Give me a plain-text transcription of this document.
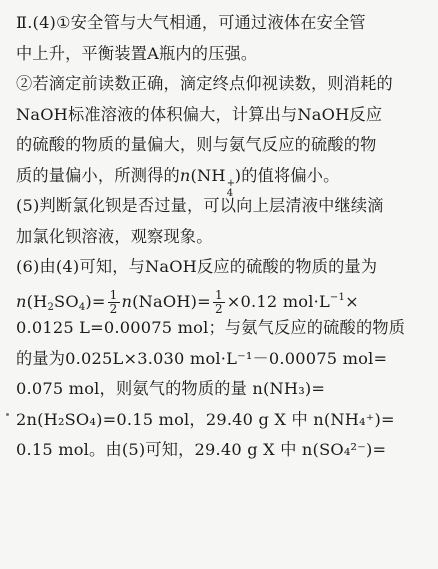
Ⅱ.(4)①安全管与大气相通，可通过液体在安全管
中上升，平衡装置A瓶内的压强。
②若滴定前读数正确，滴定终点仰视读数，则消耗的
NaOH标准溶液的体积偏大，计算出与NaOH反应
的硫酸的物质的量偏大，则与氨气反应的硫酸的物
质的量偏小，所测得的n(NH +
4
)的值将偏小。
(5)判断氯化钡是否过量，可以向上层清液中继续滴
加氯化钡溶液，观察现象。
(6)由(4)可知，与NaOH反应的硫酸的物质的量为
$n(H_2SO_4)= \frac{1}{2}$ n(NaOH)= $\frac{1}{2} \times 0.12$ $mol\cdot L^{-1}\times$
0.0125 L=0.00075 mol；与氨气反应的硫酸的物质
的量为0.025L×3.030 mol·L⁻¹－0.00075 mol=
0.075 mol，则氨气的物质的量 n(NH₃)=
2n(H₂SO₄)=0.15 mol，29.40 g X 中 n(NH₄⁺)=
0.15 mol。由(5)可知，29.40 g X 中 n(SO₄²⁻)=
